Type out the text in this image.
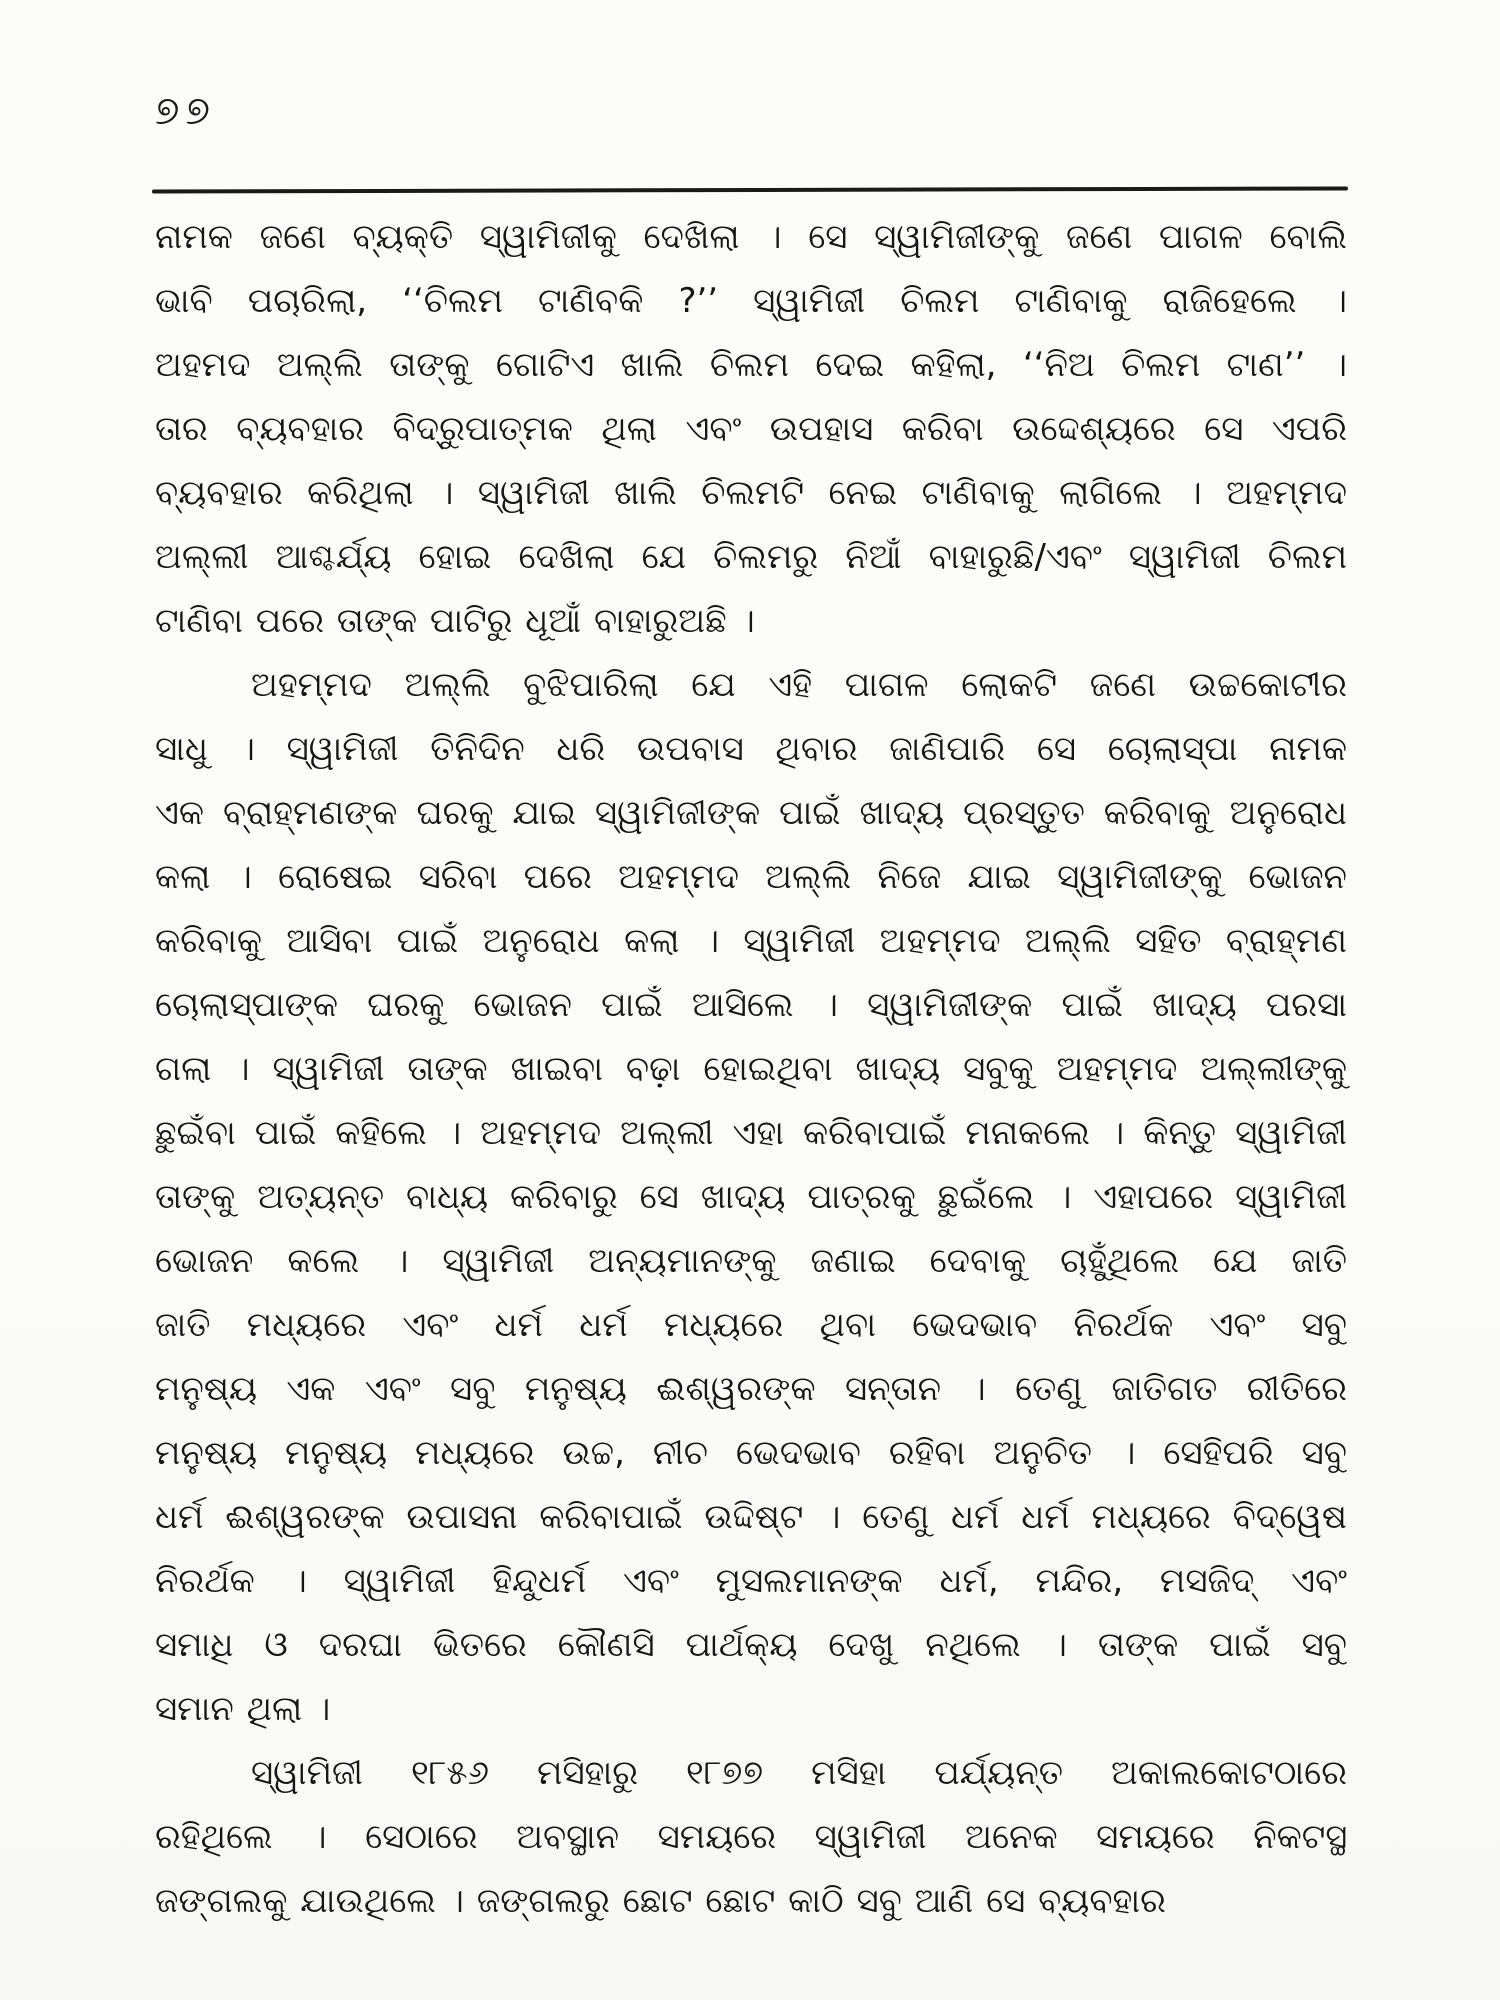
୭୭
ନାମକ ଜଣେ ବ୍ୟକ୍ତି ସ୍ୱାମିଜୀକୁ ଦେଖିଲା । ସେ ସ୍ୱାମିଜୀଙ୍କୁ ଜଣେ ପାଗଳ ବୋଲି
ଭାବି ପଚାରିଲା, ‘‘ଚିଲମ ଟାଣିବକି ?’’ ସ୍ୱାମିଜୀ ଚିଲମ ଟାଣିବାକୁ ରାଜିହେଲେ ।
ଅହମଦ ଅଲ୍ଲି ତାଙ୍କୁ ଗୋଟିଏ ଖାଲି ଚିଲମ ଦେଇ କହିଲା, ‘‘ନିଅ ଚିଲମ ଟାଣ’’ ।
ତାର ବ୍ୟବହାର ବିଦ୍ରୁପାତ୍ମକ ଥିଲା ଏବଂ ଉପହାସ କରିବା ଉଦ୍ଦେଶ୍ୟରେ ସେ ଏପରି
ବ୍ୟବହାର କରିଥିଲା । ସ୍ୱାମିଜୀ ଖାଲି ଚିଲମଟି ନେଇ ଟାଣିବାକୁ ଲାଗିଲେ । ଅହମ୍ମଦ
ଅଲ୍ଲୀ ଆଶ୍ଚର୍ଯ୍ୟ ହୋଇ ଦେଖିଲା ଯେ ଚିଲମରୁ ନିଆଁ ବାହାରୁଛି/ଏବଂ ସ୍ୱାମିଜୀ ଚିଲମ
ଟାଣିବା ପରେ ତାଙ୍କ ପାଟିରୁ ଧୂଆଁ ବାହାରୁଅଛି ।
ଅହମ୍ମଦ ଅଲ୍ଲି ବୁଝିପାରିଲା ଯେ ଏହି ପାଗଳ ଲୋକଟି ଜଣେ ଉଚ୍ଚକୋଟୀର
ସାଧୁ । ସ୍ୱାମିଜୀ ତିନିଦିନ ଧରି ଉପବାସ ଥିବାର ଜାଣିପାରି ସେ ଚୋଲାସ୍ପା ନାମକ
ଏକ ବ୍ରାହ୍ମଣଙ୍କ ଘରକୁ ଯାଇ ସ୍ୱାମିଜୀଙ୍କ ପାଇଁ ଖାଦ୍ୟ ପ୍ରସ୍ତୁତ କରିବାକୁ ଅନୁରୋଧ
କଲା । ରୋଷେଇ ସରିବା ପରେ ଅହମ୍ମଦ ଅଲ୍ଲି ନିଜେ ଯାଇ ସ୍ୱାମିଜୀଙ୍କୁ ଭୋଜନ
କରିବାକୁ ଆସିବା ପାଇଁ ଅନୁରୋଧ କଲା । ସ୍ୱାମିଜୀ ଅହମ୍ମଦ ଅଲ୍ଲି ସହିତ ବ୍ରାହ୍ମଣ
ଚୋଲାସ୍ପାଙ୍କ ଘରକୁ ଭୋଜନ ପାଇଁ ଆସିଲେ । ସ୍ୱାମିଜୀଙ୍କ ପାଇଁ ଖାଦ୍ୟ ପରସା
ଗଲା । ସ୍ୱାମିଜୀ ତାଙ୍କ ଖାଇବା ବଢ଼ା ହୋଇଥିବା ଖାଦ୍ୟ ସବୁକୁ ଅହମ୍ମଦ ଅଲ୍ଲୀଙ୍କୁ
ଛୁଇଁବା ପାଇଁ କହିଲେ । ଅହମ୍ମଦ ଅଲ୍ଲୀ ଏହା କରିବାପାଇଁ ମନାକଲେ । କିନ୍ତୁ ସ୍ୱାମିଜୀ
ତାଙ୍କୁ ଅତ୍ୟନ୍ତ ବାଧ୍ୟ କରିବାରୁ ସେ ଖାଦ୍ୟ ପାତ୍ରକୁ ଛୁଇଁଲେ । ଏହାପରେ ସ୍ୱାମିଜୀ
ଭୋଜନ କଲେ । ସ୍ୱାମିଜୀ ଅନ୍ୟମାନଙ୍କୁ ଜଣାଇ ଦେବାକୁ ଚାହୁଁଥିଲେ ଯେ ଜାତି
ଜାତି ମଧ୍ୟରେ ଏବଂ ଧର୍ମ ଧର୍ମ ମଧ୍ୟରେ ଥିବା ଭେଦଭାବ ନିରର୍ଥକ ଏବଂ ସବୁ
ମନୁଷ୍ୟ ଏକ ଏବଂ ସବୁ ମନୁଷ୍ୟ ଈଶ୍ୱରଙ୍କ ସନ୍ତାନ । ତେଣୁ ଜାତିଗତ ରୀତିରେ
ମନୁଷ୍ୟ ମନୁଷ୍ୟ ମଧ୍ୟରେ ଉଚ୍ଚ, ନୀଚ ଭେଦଭାବ ରହିବା ଅନୁଚିତ । ସେହିପରି ସବୁ
ଧର୍ମ ଈଶ୍ୱରଙ୍କ ଉପାସନା କରିବାପାଇଁ ଉଦ୍ଦିଷ୍ଟ । ତେଣୁ ଧର୍ମ ଧର୍ମ ମଧ୍ୟରେ ବିଦ୍ୱେଷ
ନିରର୍ଥକ । ସ୍ୱାମିଜୀ ହିନ୍ଦୁଧର୍ମ ଏବଂ ମୁସଲମାନଙ୍କ ଧର୍ମ, ମନ୍ଦିର, ମସଜିଦ୍ ଏବଂ
ସମାଧି ଓ ଦରଘା ଭିତରେ କୌଣସି ପାର୍ଥକ୍ୟ ଦେଖୁ ନଥିଲେ । ତାଙ୍କ ପାଇଁ ସବୁ
ସମାନ ଥିଲା ।
ସ୍ୱାମିଜୀ ୧୮୫୬ ମସିହାରୁ ୧୮୭୭ ମସିହା ପର୍ଯ୍ୟନ୍ତ ଅକାଲକୋଟଠାରେ
ରହିଥିଲେ । ସେଠାରେ ଅବସ୍ଥାନ ସମୟରେ ସ୍ୱାମିଜୀ ଅନେକ ସମୟରେ ନିକଟସ୍ଥ
ଜଙ୍ଗଲକୁ ଯାଉଥିଲେ । ଜଙ୍ଗଲରୁ ଛୋଟ ଛୋଟ କାଠି ସବୁ ଆଣି ସେ ବ୍ୟବହାର
